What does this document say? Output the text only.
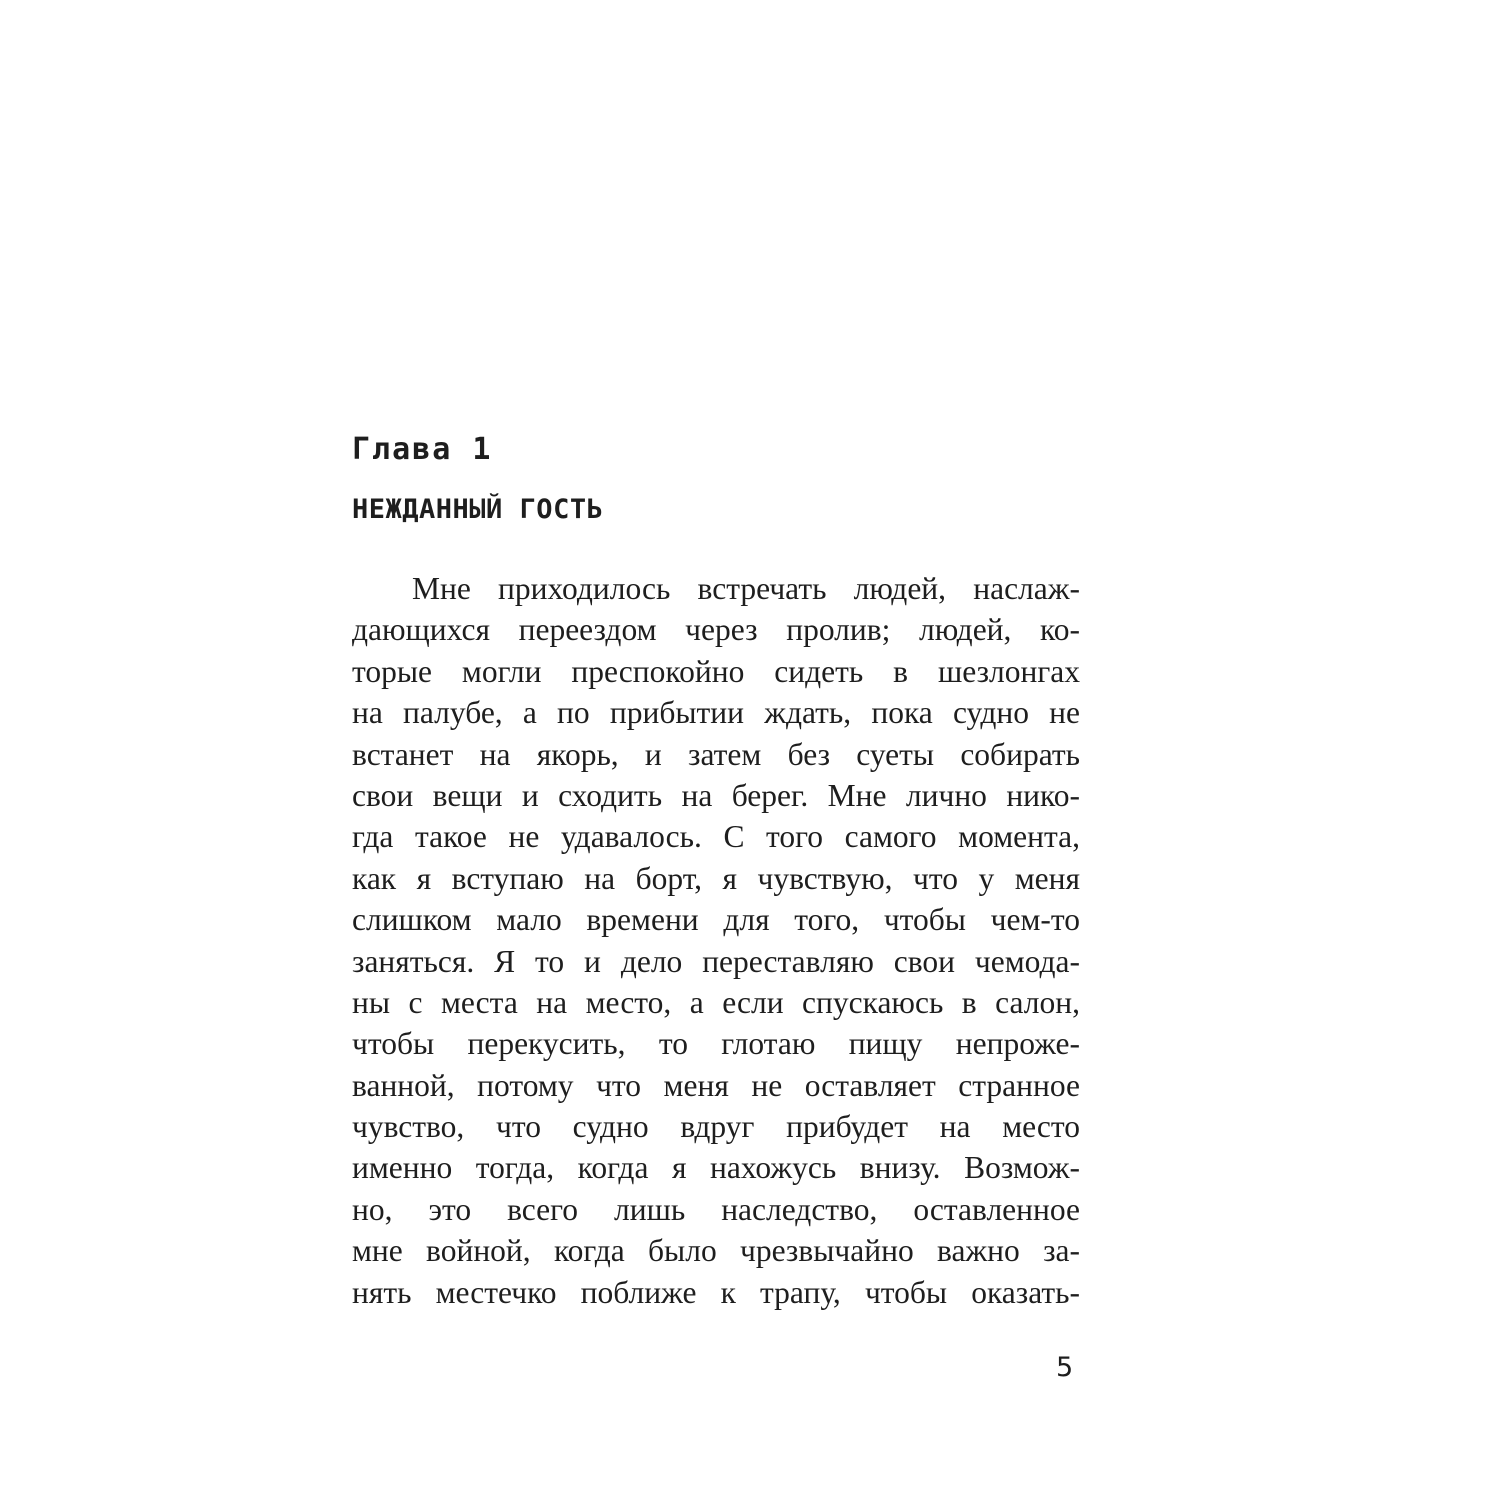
Глава 1
НЕЖДАННЫЙ ГОСТЬ
Мне приходилось встречать людей, наслаж-
дающихся переездом через пролив; людей, ко-
торые могли преспокойно сидеть в шезлонгах
на палубе, а по прибытии ждать, пока судно не
встанет на якорь, и затем без суеты собирать
свои вещи и сходить на берег. Мне лично нико-
гда такое не удавалось. С того самого момента,
как я вступаю на борт, я чувствую, что у меня
слишком мало времени для того, чтобы чем-то
заняться. Я то и дело переставляю свои чемода-
ны с места на место, а если спускаюсь в салон,
чтобы перекусить, то глотаю пищу непроже-
ванной, потому что меня не оставляет странное
чувство, что судно вдруг прибудет на место
именно тогда, когда я нахожусь внизу. Возмож-
но, это всего лишь наследство, оставленное
мне войной, когда было чрезвычайно важно за-
нять местечко поближе к трапу, чтобы оказать-
5
